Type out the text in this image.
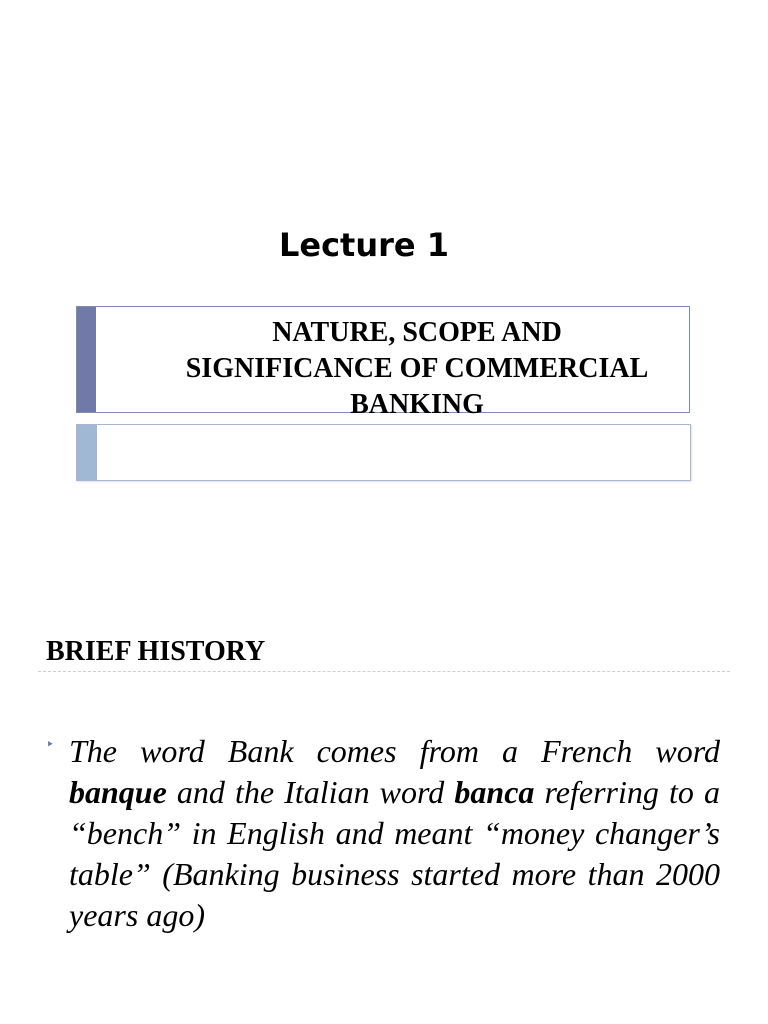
Lecture 1
NATURE, SCOPE AND
SIGNIFICANCE OF COMMERCIAL
BANKING
BRIEF HISTORY
‣ The word Bank comes from a French word banque and the Italian word banca referring to a “bench” in English and meant “money changer’s table” (Banking business started more than 2000 years ago)
